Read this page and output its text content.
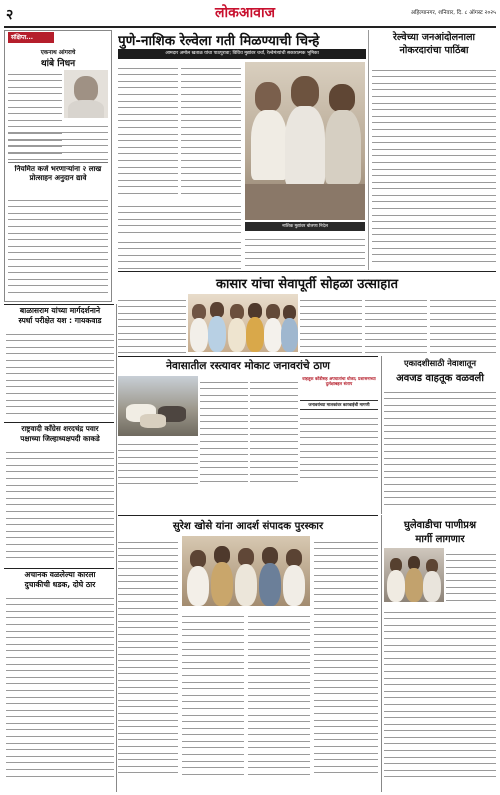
२	लोकआवाज	अहिल्यानगर, शनिवार, दि. ८ ऑगस्ट २०२५
संक्षिप्त...
एकनाथ आंगराचे
थांबे निधन
नियमित कर्ज भरणाऱ्यांना २ लाख प्रोत्साहन अनुदान द्यावे
पुणे-नाशिक रेल्वेला गती मिळण्याची चिन्हे
आमदार अमोल खताळ यांचा पाठपुरावा; विविध मुद्यांवर चर्चा, रेल्वेमंत्र्यांची सकारात्मक भूमिका
नाशिक मुद्यांवर बोलणा निदेल
रेल्वेच्या जनआंदोलनाला नोकरदारांचा पाठिंबा
कासार यांचा सेवापूर्ती सोहळा उत्साहात
बाळासराम यांच्या मार्गदर्शनाने
स्पर्धा परीक्षेत यश : गायकवाड
राष्ट्रवादी काँग्रेस शरदचंद्र पवार
पक्षाच्या जिल्हाध्यक्षपदी काकडे
अचानक वळलेल्या कारला
दुचाकीची धडक, दोघे ठार
नेवासातील रस्त्यावर मोकाट जनावरांचे ठाण
वाहतूक कोंडीसह अपघातांचा धोका; प्रशासनाच्या दुर्लक्षाबद्दल संताप
जनावरांच्या मालकांवर कारवाईची मागणी
एकादशीसाठी नेवाशातून
अवजड वाहतूक वळवली
सुरेश खोसे यांना आदर्श संपादक पुरस्कार	घुलेवाडीचा पाणीप्रश्न
मार्गी लागणार
